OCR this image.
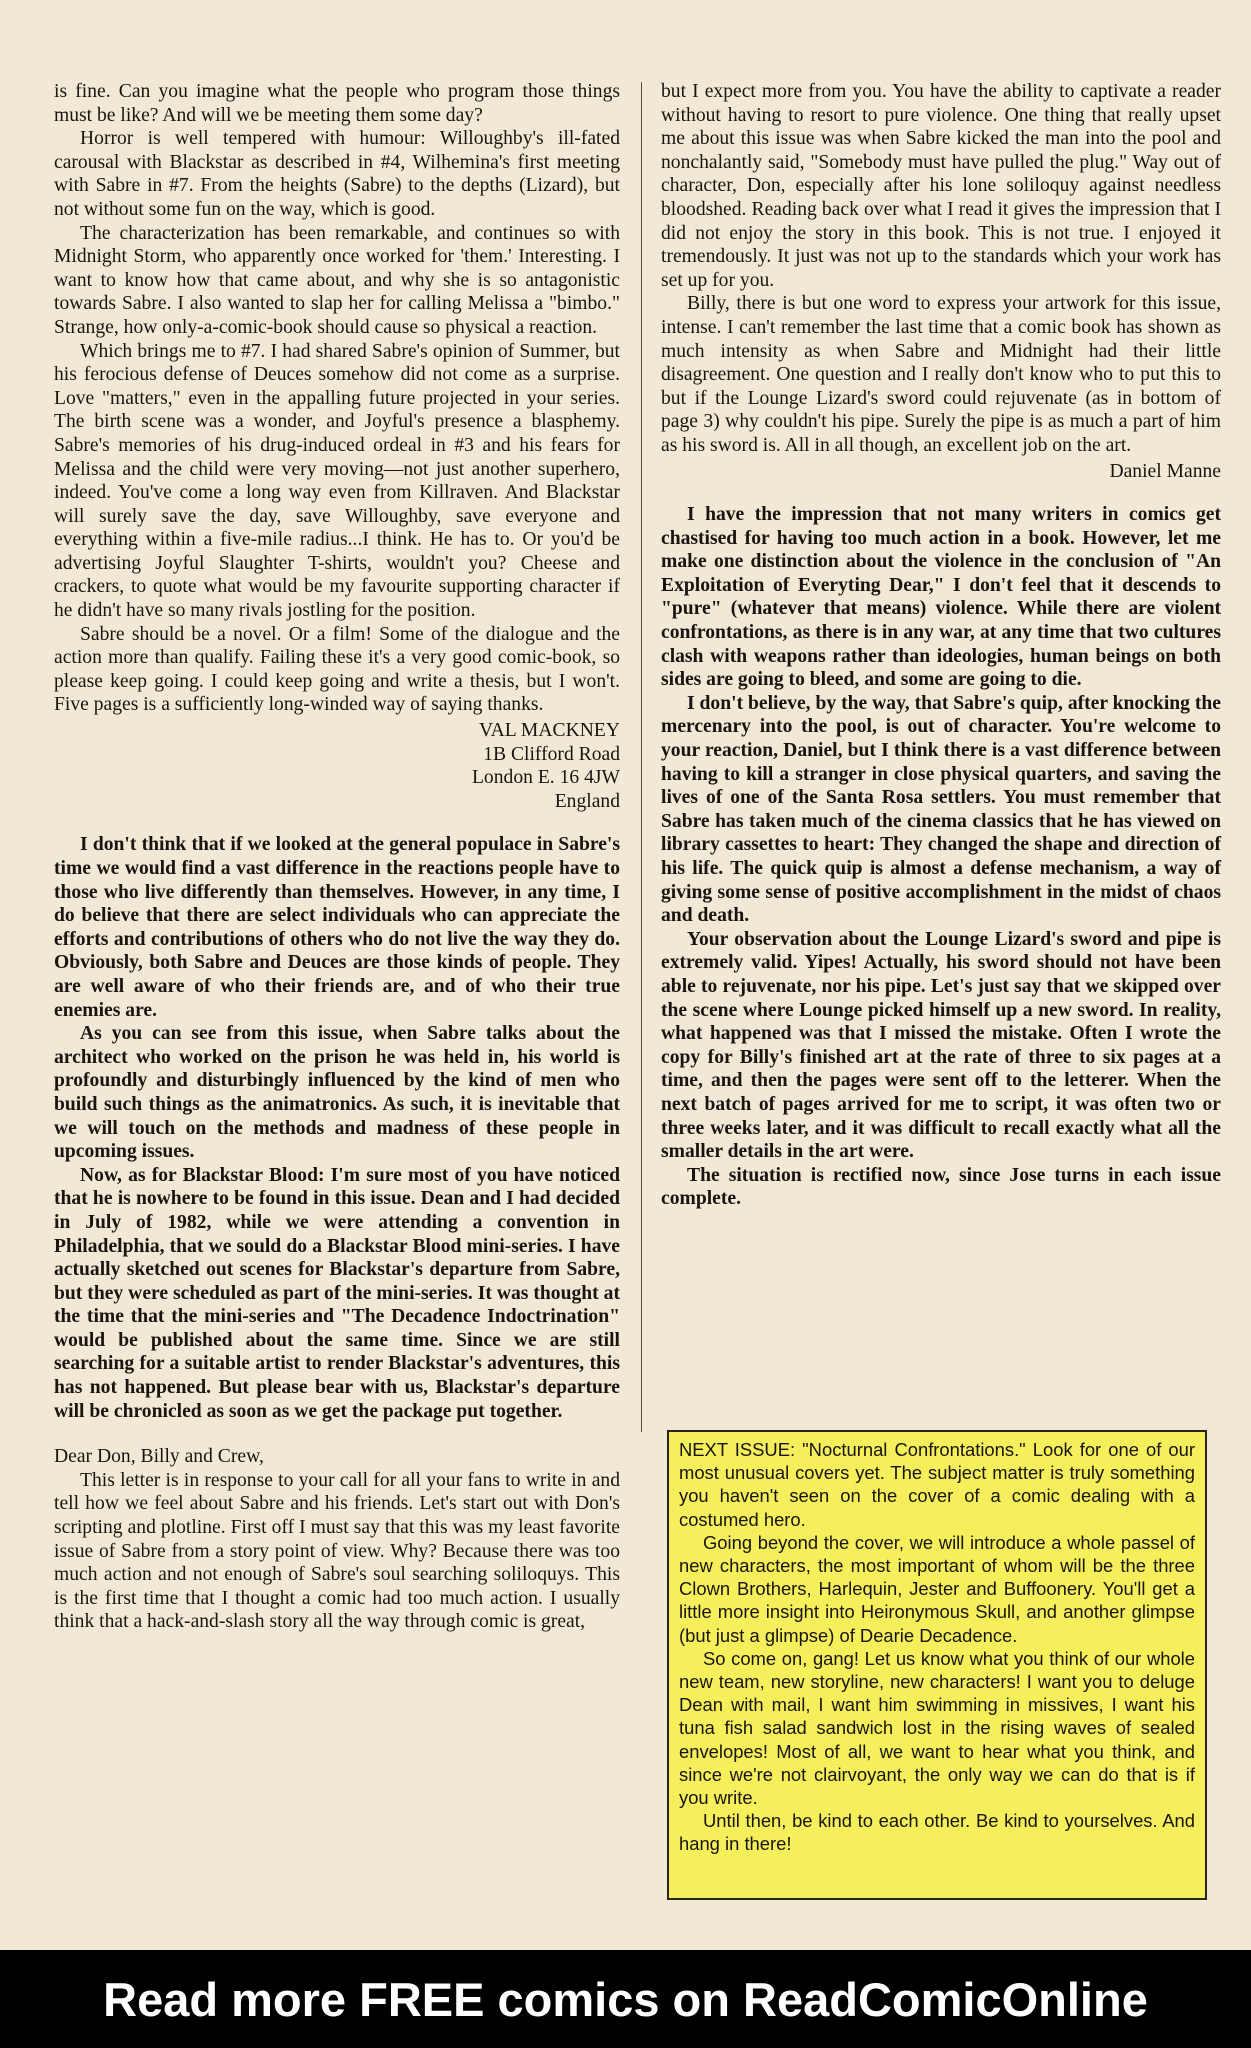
is fine. Can you imagine what the people who program those things must be like? And will we be meeting them some day?

Horror is well tempered with humour: Willoughby's ill-fated carousal with Blackstar as described in #4, Wilhemina's first meeting with Sabre in #7. From the heights (Sabre) to the depths (Lizard), but not without some fun on the way, which is good.

The characterization has been remarkable, and continues so with Midnight Storm, who apparently once worked for 'them.' Interesting. I want to know how that came about, and why she is so antagonistic towards Sabre. I also wanted to slap her for calling Melissa a "bimbo." Strange, how only-a-comic-book should cause so physical a reaction.

Which brings me to #7. I had shared Sabre's opinion of Summer, but his ferocious defense of Deuces somehow did not come as a surprise. Love "matters," even in the appalling future projected in your series. The birth scene was a wonder, and Joyful's presence a blasphemy. Sabre's memories of his drug-induced ordeal in #3 and his fears for Melissa and the child were very moving—not just another superhero, indeed. You've come a long way even from Killraven. And Blackstar will surely save the day, save Willoughby, save everyone and everything within a five-mile radius...I think. He has to. Or you'd be advertising Joyful Slaughter T-shirts, wouldn't you? Cheese and crackers, to quote what would be my favourite supporting character if he didn't have so many rivals jostling for the position.

Sabre should be a novel. Or a film! Some of the dialogue and the action more than qualify. Failing these it's a very good comic-book, so please keep going. I could keep going and write a thesis, but I won't. Five pages is a sufficiently long-winded way of saying thanks.

VAL MACKNEY
1B Clifford Road
London E. 16 4JW
England

I don't think that if we looked at the general populace in Sabre's time we would find a vast difference in the reactions people have to those who live differently than themselves. However, in any time, I do believe that there are select individuals who can appreciate the efforts and contributions of others who do not live the way they do. Obviously, both Sabre and Deuces are those kinds of people. They are well aware of who their friends are, and of who their true enemies are.

As you can see from this issue, when Sabre talks about the architect who worked on the prison he was held in, his world is profoundly and disturbingly influenced by the kind of men who build such things as the animatronics. As such, it is inevitable that we will touch on the methods and madness of these people in upcoming issues.

Now, as for Blackstar Blood: I'm sure most of you have noticed that he is nowhere to be found in this issue. Dean and I had decided in July of 1982, while we were attending a convention in Philadelphia, that we sould do a Blackstar Blood mini-series. I have actually sketched out scenes for Blackstar's departure from Sabre, but they were scheduled as part of the mini-series. It was thought at the time that the mini-series and "The Decadence Indoctrination" would be published about the same time. Since we are still searching for a suitable artist to render Blackstar's adventures, this has not happened. But please bear with us, Blackstar's departure will be chronicled as soon as we get the package put together.

Dear Don, Billy and Crew,

This letter is in response to your call for all your fans to write in and tell how we feel about Sabre and his friends. Let's start out with Don's scripting and plotline. First off I must say that this was my least favorite issue of Sabre from a story point of view. Why? Because there was too much action and not enough of Sabre's soul searching soliloquys. This is the first time that I thought a comic had too much action. I usually think that a hack-and-slash story all the way through comic is great,

but I expect more from you. You have the ability to captivate a reader without having to resort to pure violence. One thing that really upset me about this issue was when Sabre kicked the man into the pool and nonchalantly said, "Somebody must have pulled the plug." Way out of character, Don, especially after his lone soliloquy against needless bloodshed. Reading back over what I read it gives the impression that I did not enjoy the story in this book. This is not true. I enjoyed it tremendously. It just was not up to the standards which your work has set up for you.

Billy, there is but one word to express your artwork for this issue, intense. I can't remember the last time that a comic book has shown as much intensity as when Sabre and Midnight had their little disagreement. One question and I really don't know who to put this to but if the Lounge Lizard's sword could rejuvenate (as in bottom of page 3) why couldn't his pipe. Surely the pipe is as much a part of him as his sword is. All in all though, an excellent job on the art.

Daniel Manne

I have the impression that not many writers in comics get chastised for having too much action in a book. However, let me make one distinction about the violence in the conclusion of "An Exploitation of Everyting Dear," I don't feel that it descends to "pure" (whatever that means) violence. While there are violent confrontations, as there is in any war, at any time that two cultures clash with weapons rather than ideologies, human beings on both sides are going to bleed, and some are going to die.

I don't believe, by the way, that Sabre's quip, after knocking the mercenary into the pool, is out of character. You're welcome to your reaction, Daniel, but I think there is a vast difference between having to kill a stranger in close physical quarters, and saving the lives of one of the Santa Rosa settlers. You must remember that Sabre has taken much of the cinema classics that he has viewed on library cassettes to heart: They changed the shape and direction of his life. The quick quip is almost a defense mechanism, a way of giving some sense of positive accomplishment in the midst of chaos and death.

Your observation about the Lounge Lizard's sword and pipe is extremely valid. Yipes! Actually, his sword should not have been able to rejuvenate, nor his pipe. Let's just say that we skipped over the scene where Lounge picked himself up a new sword. In reality, what happened was that I missed the mistake. Often I wrote the copy for Billy's finished art at the rate of three to six pages at a time, and then the pages were sent off to the letterer. When the next batch of pages arrived for me to script, it was often two or three weeks later, and it was difficult to recall exactly what all the smaller details in the art were.

The situation is rectified now, since Jose turns in each issue complete.

NEXT ISSUE: "Nocturnal Confrontations." Look for one of our most unusual covers yet. The subject matter is truly something you haven't seen on the cover of a comic dealing with a costumed hero.

Going beyond the cover, we will introduce a whole passel of new characters, the most important of whom will be the three Clown Brothers, Harlequin, Jester and Buffoonery. You'll get a little more insight into Heironymous Skull, and another glimpse (but just a glimpse) of Dearie Decadence.

So come on, gang! Let us know what you think of our whole new team, new storyline, new characters! I want you to deluge Dean with mail, I want him swimming in missives, I want his tuna fish salad sandwich lost in the rising waves of sealed envelopes! Most of all, we want to hear what you think, and since we're not clairvoyant, the only way we can do that is if you write.

Until then, be kind to each other. Be kind to yourselves. And hang in there!

Read more FREE comics on ReadComicOnline
